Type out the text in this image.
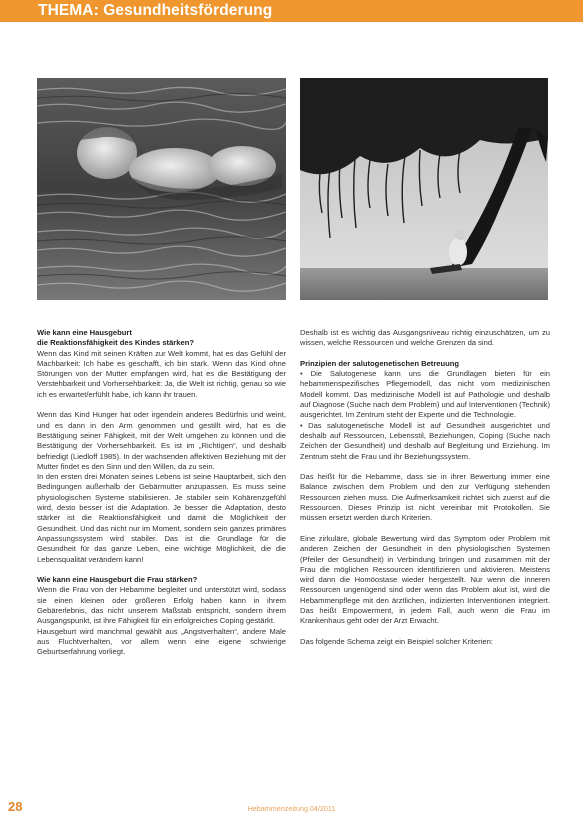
THEMA: Gesundheitsförderung
Wie kann eine Hausgeburt
die Reaktionsfähigkeit des Kindes stärken?

Wenn das Kind mit seinen Kräften zur Welt kommt, hat es das Gefühl der Machbarkeit: Ich habe es geschafft, ich bin stark. Wenn das Kind ohne Störungen von der Mutter empfangen wird, hat es die Bestätigung der Verstehbarkeit und Vorhersehbarkeit: Ja, die Welt ist richtig, genau so wie ich es erwartet/erfühlt habe, ich kann ihr trauen.

Wenn das Kind Hunger hat oder irgendein anderes Bedürfnis und weint, und es dann in den Arm genommen und gestillt wird, hat es die Bestätigung seiner Fähigkeit, mit der Welt umgehen zu können und die Bestätigung der Vorhersehbarkeit. Es ist im „Richtigen“, und deshalb befriedigt (Liedloff 1985). In der wachsenden affektiven Beziehung mit der Mutter findet es den Sinn und den Willen, da zu sein.

In den ersten drei Monaten seines Lebens ist seine Hauptarbeit, sich den Bedingungen außerhalb der Gebärmutter anzupassen. Es muss seine physiologischen Systeme stabilisieren. Je stabiler sein Kohärenzgefühl wird, desto besser ist die Adaptation. Je besser die Adaptation, desto stärker ist die Reaktionsfähigkeit und damit die Möglichkeit der Gesundheit. Und das nicht nur im Moment, sondern sein ganzes primäres Anpassungssystem wird stabiler. Das ist die Grundlage für die Gesundheit für das ganze Leben, eine wichtige Möglichkeit, die die Lebensqualität verändern kann!

Wie kann eine Hausgeburt die Frau stärken?

Wenn die Frau von der Hebamme begleitet und unterstützt wird, sodass sie einen kleinen oder größeren Erfolg haben kann in ihrem Gebärerlebnis, das nicht unserem Maßstab entspricht, sondern ihrem Ausgangspunkt, ist ihre Fähigkeit für ein erfolgreiches Coping gestärkt.

Hausgeburt wird manchmal gewählt aus „Angstverhalten“, andere Male aus Fluchtverhalten, vor allem wenn eine eigene schwierige Geburtserfahrung vorliegt.

Deshalb ist es wichtig das Ausgangsniveau richtig einzuschätzen, um zu wissen, welche Ressourcen und welche Grenzen da sind.

Prinzipien der salutogenetischen Betreuung

• Die Salutogenese kann uns die Grundlagen bieten für ein hebammenspezifisches Pflegemodell, das nicht vom medizinischen Modell kommt. Das medizinische Modell ist auf Pathologie und deshalb auf Diagnose (Suche nach dem Problem) und auf Interventionen (Technik) ausgerichtet. Im Zentrum steht der Experte und die Technologie.

• Das salutogenetische Modell ist auf Gesundheit ausgerichtet und deshalb auf Ressourcen, Lebensstil, Beziehungen, Coping (Suche nach Zeichen der Gesundheit) und deshalb auf Begleitung und Erziehung. Im Zentrum steht die Frau und ihr Beziehungssystem.

Das heißt für die Hebamme, dass sie in ihrer Bewertung immer eine Balance zwischen dem Problem und den zur Verfügung stehenden Ressourcen ziehen muss. Die Aufmerksamkeit richtet sich zuerst auf die Ressourcen. Dieses Prinzip ist nicht vereinbar mit Protokollen. Sie müssen ersetzt werden durch Kriterien.

Eine zirkuläre, globale Bewertung wird das Symptom oder Problem mit anderen Zeichen der Gesundheit in den physiologischen Systemen (Pfeiler der Gesundheit) in Verbindung bringen und zusammen mit der Frau die möglichen Ressourcen identifizieren und aktivieren. Meistens wird dann die Homöostase wieder hergestellt. Nur wenn die inneren Ressourcen ungenügend sind oder wenn das Problem akut ist, wird die Hebammenpflege mit den ärztlichen, indizierten Interventionen integriert. Das heißt Empowerment, in jedem Fall, auch wenn die Frau im Krankenhaus geht oder der Arzt Erwacht.

Das folgende Schema zeigt ein Beispiel solcher Kriterien:

28	Hebammenzeitung 04/2011
